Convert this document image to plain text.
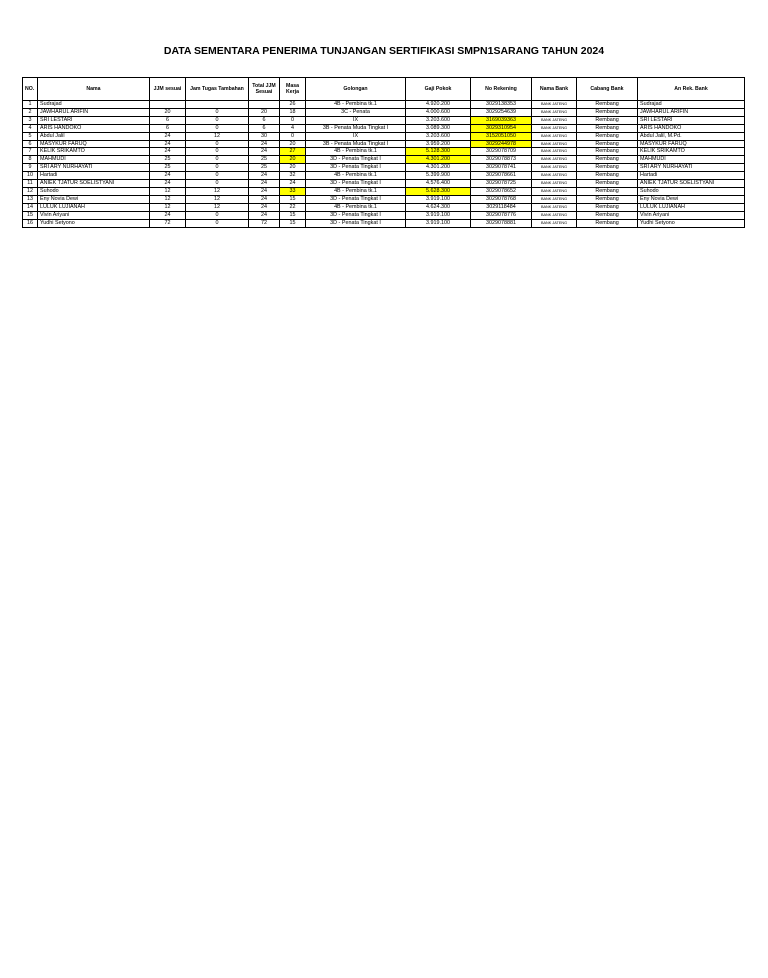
DATA SEMENTARA PENERIMA TUNJANGAN SERTIFIKASI SMPN1SARANG TAHUN 2024
NO.	Nama	JJM sesuai	Jam Tugas Tambahan	Total JJM Sesuai	Masa Kerja	Golongan	Gaji Pokok	No Rekening	Nama Bank	Cabang Bank	An Rek. Bank
1	Sudrajad				26	4B - Pembina tk.1	4.920.200	3029138353	BANK JATENG	Rembang	Sudrajad
2	JAWHARUL ARIFIN	20	0	20	18	3C - Penata	4.000.600	3029254639	BANK JATENG	Rembang	JAWHARUL ARIFIN
3	SRI LESTARI	6	0	6	0	IX	3.203.600	3169039363	BANK JATENG	Rembang	SRI LESTARI
4	ARIS HANDOKO	6	0	6	4	3B - Penata Muda Tingkat I	3.089.300	3029310954	BANK JATENG	Rembang	ARIS HANDOKO
5	Abdul Jalil	24	12	30	0	IX	3.203.600	3152051050	BANK JATENG	Rembang	Abdul Jalil, M.Pd.
6	MASYKUR FARUQ	24	0	24	20	3B - Penata Muda Tingkat I	3.959.200	3029244978	BANK JATENG	Rembang	MASYKUR FARUQ
7	KELIK SRIKAMTO	24	0	24	27	4B - Pembina tk.1	5.128.300	3029078709	BANK JATENG	Rembang	KELIK SRIKAMTO
8	MAHMUDI	25	0	25	20	3D - Penata Tingkat I	4.301.200	3029078873	BANK JATENG	Rembang	MAHMUDI
9	SRI ARY NURHAYATI	25	0	25	20	3D - Penata Tingkat I	4.301.200	3029078741	BANK JATENG	Rembang	SRI ARY NURHAYATI
10	Hartadi	24	0	24	32	4B - Pembina tk.1	5.399.900	3029078661	BANK JATENG	Rembang	Hartadi
11	ANIEK TJATUR SOELISTYANI	24	0	24	24	3D - Penata Tingkat I	4.576.400	3029078725	BANK JATENG	Rembang	ANIEK TJATUR SOELISTYANI
12	Suhodo	12	12	24	33	4B - Pembina tk.1	5.628.300	3029078652	BANK JATENG	Rembang	Suhodo
13	Eny Novia Dewi	12	12	24	15	3D - Penata Tingkat I	3.919.100	3029078768	BANK JATENG	Rembang	Eny Novia Dewi
14	LULUK LUJIANAH	12	12	24	22	4B - Pembina tk.1	4.624.300	3029118484	BANK JATENG	Rembang	LULUK LUJIANAH
15	Vivin Ariyani	24	0	24	15	3D - Penata Tingkat I	3.919.100	3029078776	BANK JATENG	Rembang	Vivin Ariyani
16	Yudhi Setyono	72	0	72	15	3D - Penata Tingkat I	3.919.100	3029078881	BANK JATENG	Rembang	Yudhi Setyono
